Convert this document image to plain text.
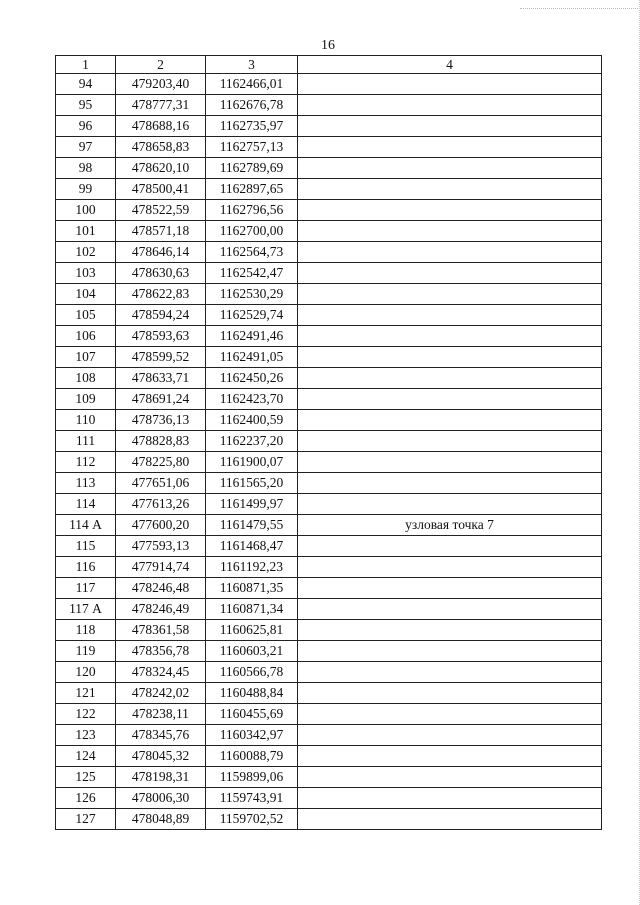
16
1	2	3	4
94	479203,40	1162466,01	
95	478777,31	1162676,78	
96	478688,16	1162735,97	
97	478658,83	1162757,13	
98	478620,10	1162789,69	
99	478500,41	1162897,65	
100	478522,59	1162796,56	
101	478571,18	1162700,00	
102	478646,14	1162564,73	
103	478630,63	1162542,47	
104	478622,83	1162530,29	
105	478594,24	1162529,74	
106	478593,63	1162491,46	
107	478599,52	1162491,05	
108	478633,71	1162450,26	
109	478691,24	1162423,70	
110	478736,13	1162400,59	
111	478828,83	1162237,20	
112	478225,80	1161900,07	
113	477651,06	1161565,20	
114	477613,26	1161499,97	
114 А	477600,20	1161479,55	узловая точка 7
115	477593,13	1161468,47	
116	477914,74	1161192,23	
117	478246,48	1160871,35	
117 А	478246,49	1160871,34	
118	478361,58	1160625,81	
119	478356,78	1160603,21	
120	478324,45	1160566,78	
121	478242,02	1160488,84	
122	478238,11	1160455,69	
123	478345,76	1160342,97	
124	478045,32	1160088,79	
125	478198,31	1159899,06	
126	478006,30	1159743,91	
127	478048,89	1159702,52	
